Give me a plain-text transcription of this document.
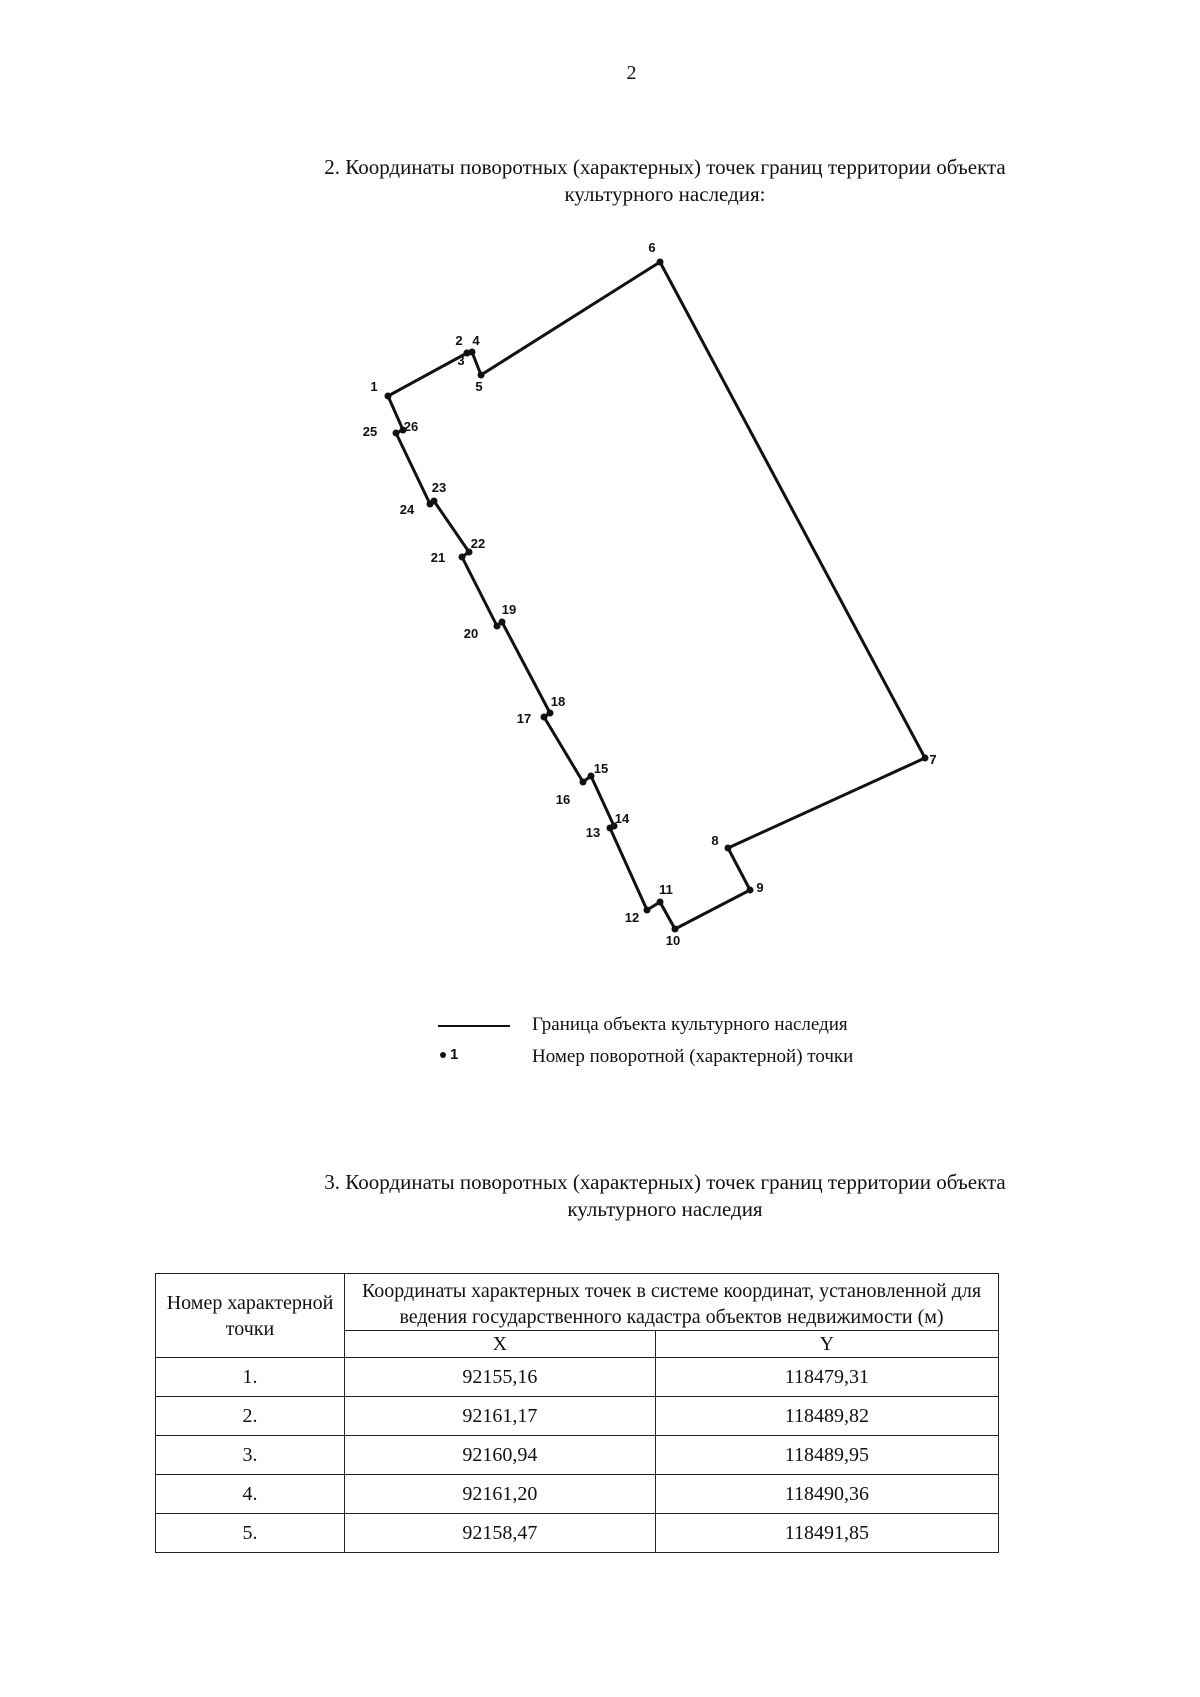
2
2. Координаты поворотных (характерных) точек границ территории объекта
культурного наследия:
1
2
3
4
5
6
7
8
9
10
11
12
13
14
15
16
17
18
19
20
21
22
23
24
25 26
Граница объекта культурного наследия
1	Номер поворотной (характерной) точки
3. Координаты поворотных (характерных) точек границ территории объекта
культурного наследия
Номер характерной точки	Координаты характерных точек в системе координат, установленной для ведения государственного кадастра объектов недвижимости (м)	
	X	Y
1.	92155,16	118479,31
2.	92161,17	118489,82
3.	92160,94	118489,95
4.	92161,20	118490,36
5.	92158,47	118491,85
